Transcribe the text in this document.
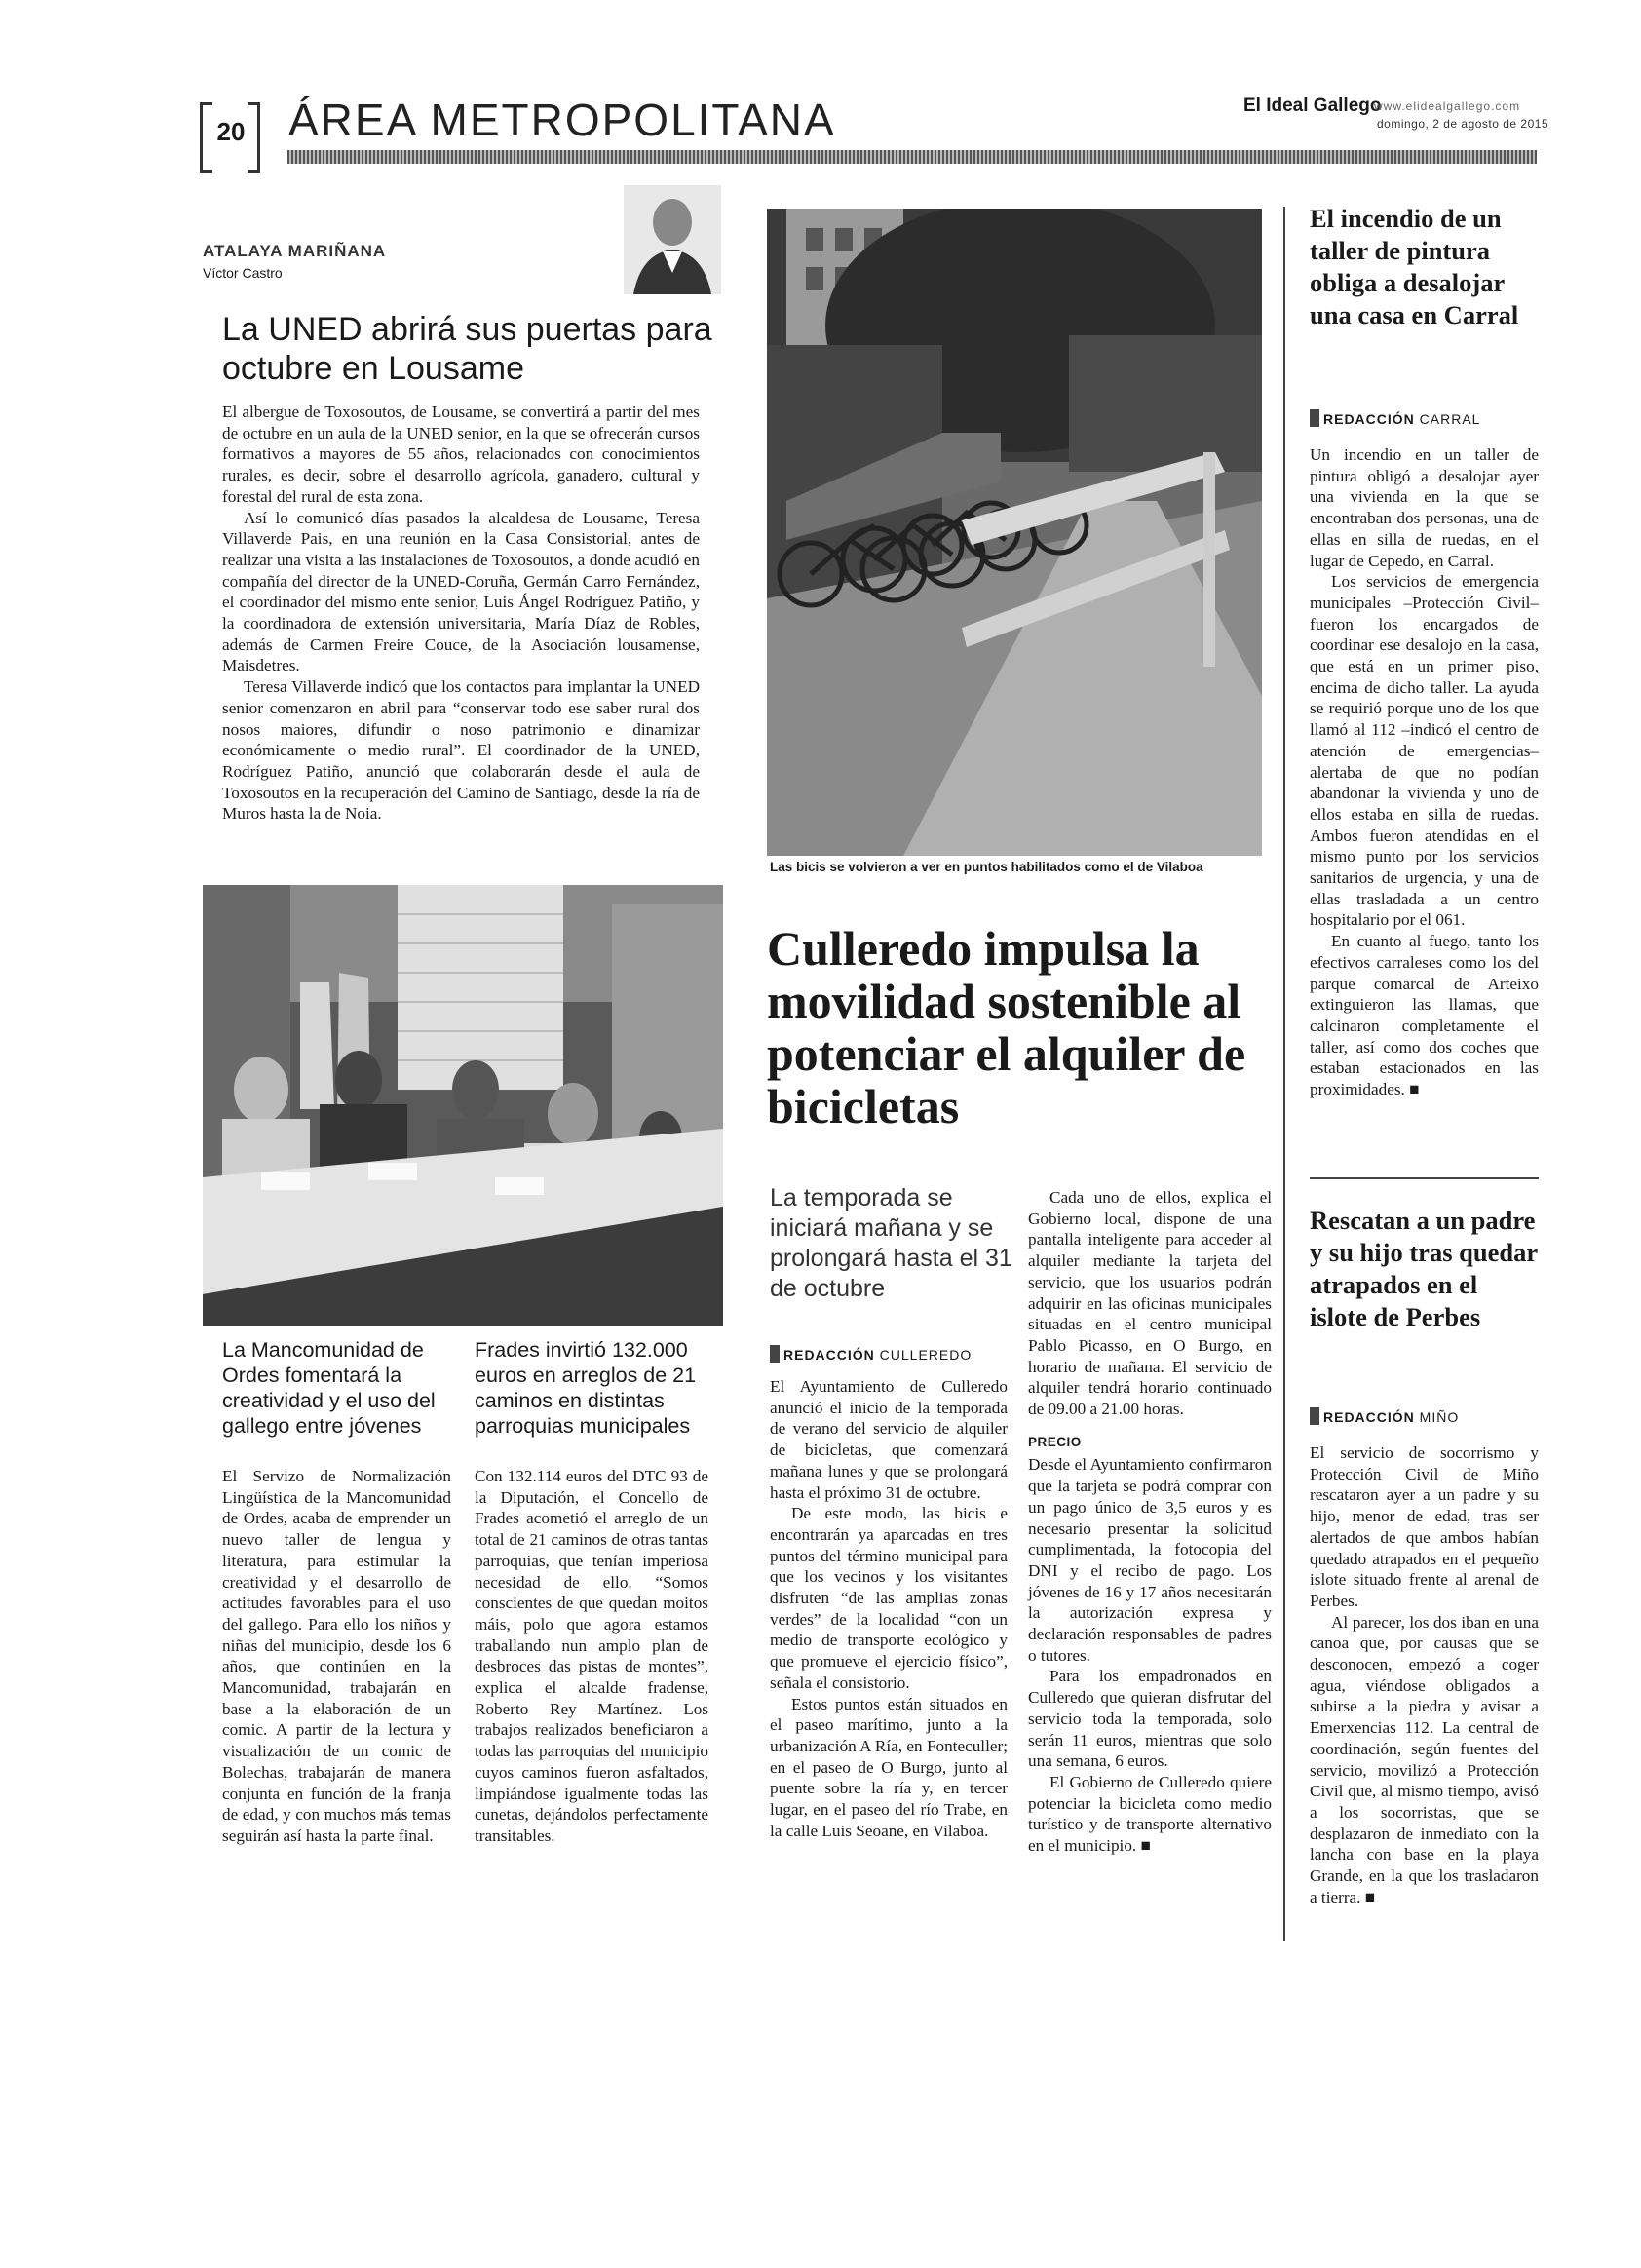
20 ÁREA METROPOLITANA	El Ideal Gallego
www.elidealgallego.com
domingo, 2 de agosto de 2015
ATALAYA MARIÑANA
Víctor Castro
La UNED abrirá sus puertas para octubre en Lousame

El albergue de Toxosoutos, de Lousame, se convertirá a partir del mes de octubre en un aula de la UNED senior, en la que se ofrecerán cursos formativos a mayores de 55 años, relacionados con conocimientos rurales, es decir, sobre el desarrollo agrícola, ganadero, cultural y forestal del rural de esta zona.

Así lo comunicó días pasados la alcaldesa de Lousame, Teresa Villaverde Pais, en una reunión en la Casa Consistorial, antes de realizar una visita a las instalaciones de Toxosoutos, a donde acudió en compañía del director de la UNED-Coruña, Germán Carro Fernández, el coordinador del mismo ente senior, Luis Ángel Rodríguez Patiño, y la coordinadora de extensión universitaria, María Díaz de Robles, además de Carmen Freire Couce, de la Asociación lousamense, Maisdetres.

Teresa Villaverde indicó que los contactos para implantar la UNED senior comenzaron en abril para “conservar todo ese saber rural dos nosos maiores, difundir o noso patrimonio e dinamizar económicamente o medio rural”. El coordinador de la UNED, Rodríguez Patiño, anunció que colaborarán desde el aula de Toxosoutos en la recuperación del Camino de Santiago, desde la ría de Muros hasta la de Noia.

Las bicis se volvieron a ver en puntos habilitados como el de Vilaboa
La Mancomunidad de Ordes fomentará la creatividad y el uso del gallego entre jóvenes

El Servizo de Normalización Lingüística de la Mancomunidad de Ordes, acaba de emprender un nuevo taller de lengua y literatura, para estimular la creatividad y el desarrollo de actitudes favorables para el uso del gallego. Para ello los niños y niñas del municipio, desde los 6 años, que continúen en la Mancomunidad, trabajarán en base a la elaboración de un comic. A partir de la lectura y visualización de un comic de Bolechas, trabajarán de manera conjunta en función de la franja de edad, y con muchos más temas seguirán así hasta la parte final.

Frades invirtió 132.000 euros en arreglos de 21 caminos en distintas parroquias municipales

Con 132.114 euros del DTC 93 de la Diputación, el Concello de Frades acometió el arreglo de un total de 21 caminos de otras tantas parroquias, que tenían imperiosa necesidad de ello. “Somos conscientes de que quedan moitos máis, polo que agora estamos traballando nun amplo plan de desbroces das pistas de montes”, explica el alcalde fradense, Roberto Rey Martínez. Los trabajos realizados beneficiaron a todas las parroquias del municipio cuyos caminos fueron asfaltados, limpiándose igualmente todas las cunetas, dejándolos perfectamente transitables.

Culleredo impulsa la movilidad sostenible al potenciar el alquiler de bicicletas
La temporada se iniciará mañana y se prolongará hasta el 31 de octubre
REDACCIÓN CULLEREDO

El Ayuntamiento de Culleredo anunció el inicio de la temporada de verano del servicio de alquiler de bicicletas, que comenzará mañana lunes y que se prolongará hasta el próximo 31 de octubre.

De este modo, las bicis e encontrarán ya aparcadas en tres puntos del término municipal para que los vecinos y los visitantes disfruten “de las amplias zonas verdes” de la localidad “con un medio de transporte ecológico y que promueve el ejercicio físico”, señala el consistorio.

Estos puntos están situados en el paseo marítimo, junto a la urbanización A Ría, en Fonteculler; en el paseo de O Burgo, junto al puente sobre la ría y, en tercer lugar, en el paseo del río Trabe, en la calle Luis Seoane, en Vilaboa.

Cada uno de ellos, explica el Gobierno local, dispone de una pantalla inteligente para acceder al alquiler mediante la tarjeta del servicio, que los usuarios podrán adquirir en las oficinas municipales situadas en el centro municipal Pablo Picasso, en O Burgo, en horario de mañana. El servicio de alquiler tendrá horario continuado de 09.00 a 21.00 horas.

PRECIO

Desde el Ayuntamiento confirmaron que la tarjeta se podrá comprar con un pago único de 3,5 euros y es necesario presentar la solicitud cumplimentada, la fotocopia del DNI y el recibo de pago. Los jóvenes de 16 y 17 años necesitarán la autorización expresa y declaración responsables de padres o tutores.

Para los empadronados en Culleredo que quieran disfrutar del servicio toda la temporada, solo serán 11 euros, mientras que solo una semana, 6 euros.

El Gobierno de Culleredo quiere potenciar la bicicleta como medio turístico y de transporte alternativo en el municipio. ■

El incendio de un taller de pintura obliga a desalojar una casa en Carral
REDACCIÓN CARRAL

Un incendio en un taller de pintura obligó a desalojar ayer una vivienda en la que se encontraban dos personas, una de ellas en silla de ruedas, en el lugar de Cepedo, en Carral.

Los servicios de emergencia municipales –Protección Civil– fueron los encargados de coordinar ese desalojo en la casa, que está en un primer piso, encima de dicho taller. La ayuda se requirió porque uno de los que llamó al 112 –indicó el centro de atención de emergencias– alertaba de que no podían abandonar la vivienda y uno de ellos estaba en silla de ruedas. Ambos fueron atendidas en el mismo punto por los servicios sanitarios de urgencia, y una de ellas trasladada a un centro hospitalario por el 061.

En cuanto al fuego, tanto los efectivos carraleses como los del parque comarcal de Arteixo extinguieron las llamas, que calcinaron completamente el taller, así como dos coches que estaban estacionados en las proximidades. ■

Rescatan a un padre y su hijo tras quedar atrapados en el islote de Perbes
REDACCIÓN MIÑO

El servicio de socorrismo y Protección Civil de Miño rescataron ayer a un padre y su hijo, menor de edad, tras ser alertados de que ambos habían quedado atrapados en el pequeño islote situado frente al arenal de Perbes.

Al parecer, los dos iban en una canoa que, por causas que se desconocen, empezó a coger agua, viéndose obligados a subirse a la piedra y avisar a Emerxencias 112. La central de coordinación, según fuentes del servicio, movilizó a Protección Civil que, al mismo tiempo, avisó a los socorristas, que se desplazaron de inmediato con la lancha con base en la playa Grande, en la que los trasladaron a tierra. ■
